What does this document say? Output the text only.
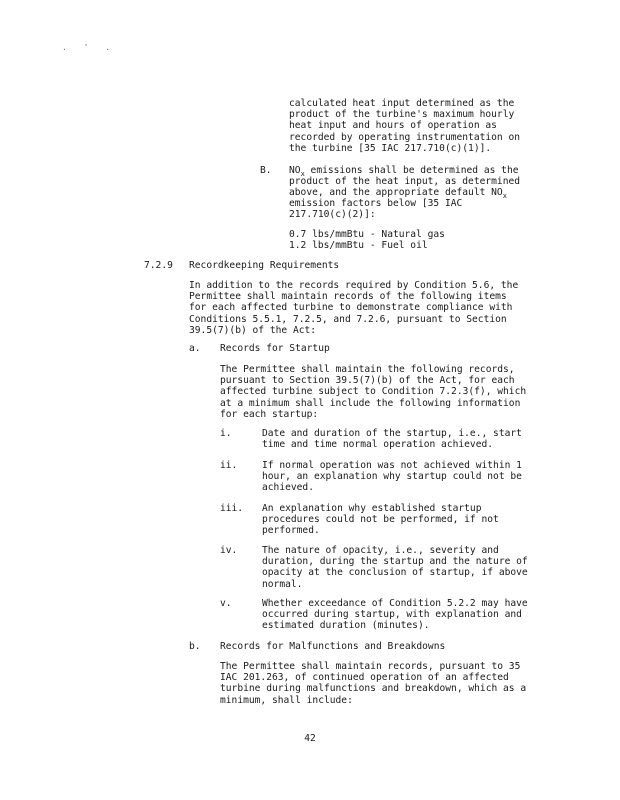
. ' .
calculated heat input determined as the
product of the turbine's maximum hourly
heat input and hours of operation as
recorded by operating instrumentation on
the turbine [35 IAC 217.710(c)(1)].
B. $NO_x$ emissions shall be determined as the
product of the heat input, as determined
above, and the appropriate default $NO_x$
emission factors below [35 IAC
217.710(c)(2)]:
0.7 lbs/mmBtu - Natural gas
1.2 lbs/mmBtu - Fuel oil
7.2.9 Recordkeeping Requirements
In addition to the records required by Condition 5.6, the
Permittee shall maintain records of the following items
for each affected turbine to demonstrate compliance with
Conditions 5.5.1, 7.2.5, and 7.2.6, pursuant to Section
39.5(7)(b) of the Act:
a. Records for Startup
The Permittee shall maintain the following records,
pursuant to Section 39.5(7)(b) of the Act, for each
affected turbine subject to Condition 7.2.3(f), which
at a minimum shall include the following information
for each startup:
i.	Date and duration of the startup, i.e., start
time and time normal operation achieved.
ii.	If normal operation was not achieved within 1
hour, an explanation why startup could not be
achieved.
iii. An explanation why established startup
procedures could not be performed, if not
performed.
iv.	The nature of opacity, i.e., severity and
duration, during the startup and the nature of
opacity at the conclusion of startup, if above
normal.
v.	Whether exceedance of Condition 5.2.2 may have
occurred during startup, with explanation and
estimated duration (minutes).
b. Records for Malfunctions and Breakdowns
The Permittee shall maintain records, pursuant to 35
IAC 201.263, of continued operation of an affected
turbine during malfunctions and breakdown, which as a
minimum, shall include:
42
